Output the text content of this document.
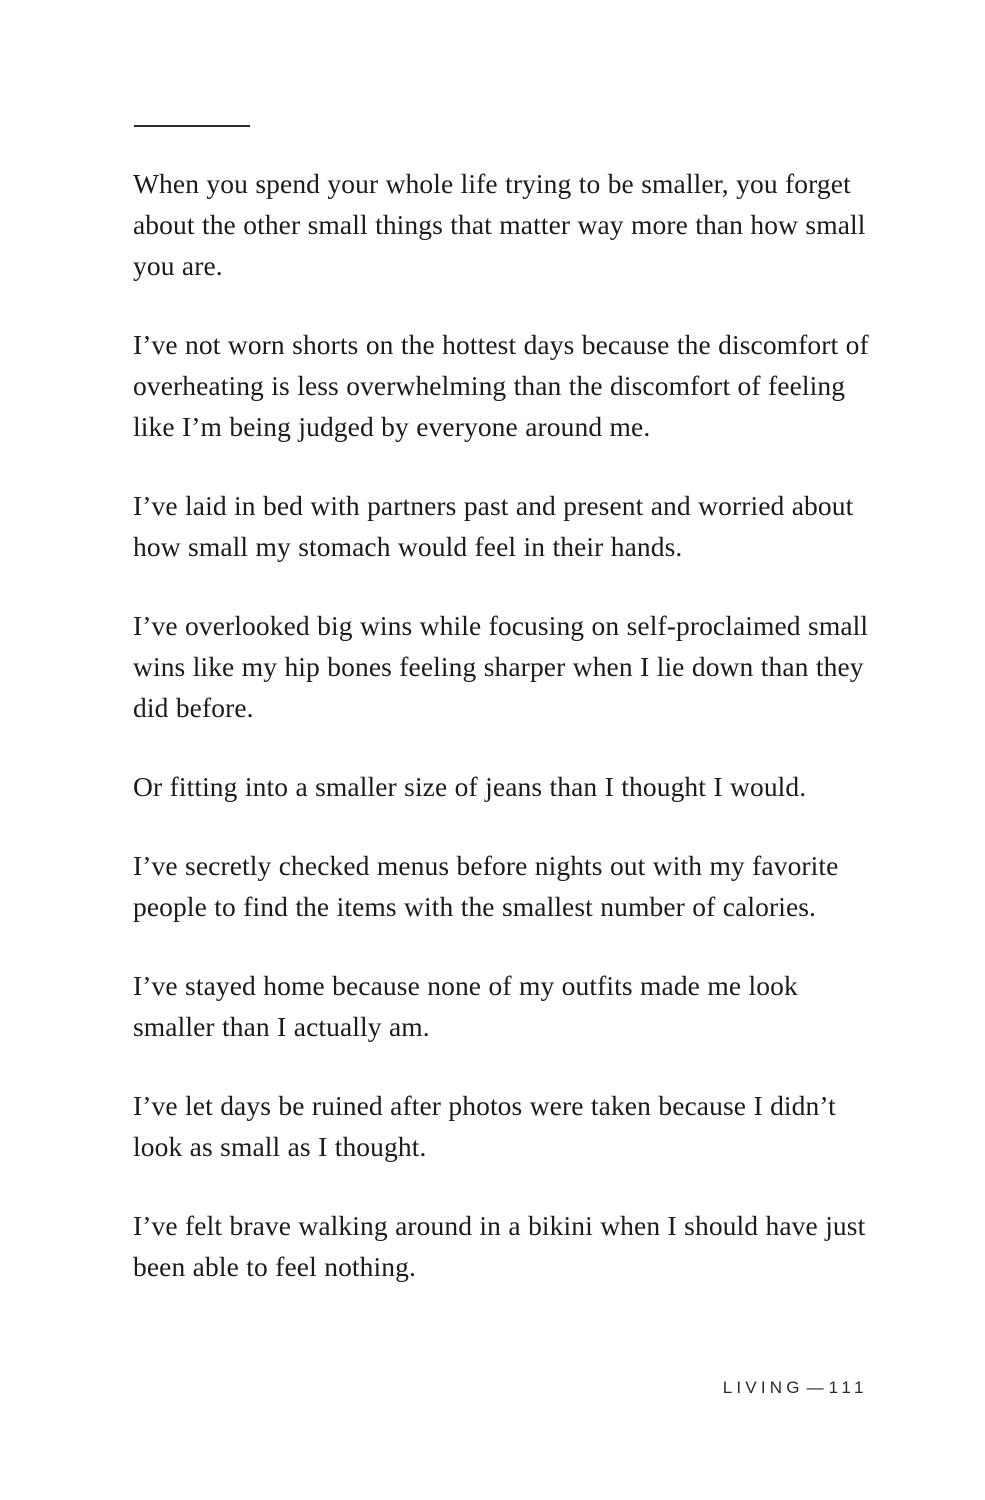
When you spend your whole life trying to be smaller, you forget about the other small things that matter way more than how small you are.

I’ve not worn shorts on the hottest days because the discomfort of overheating is less overwhelming than the discomfort of feeling like I’m being judged by everyone around me.

I’ve laid in bed with partners past and present and worried about how small my stomach would feel in their hands.

I’ve overlooked big wins while focusing on self-proclaimed small wins like my hip bones feeling sharper when I lie down than they did before.

Or fitting into a smaller size of jeans than I thought I would.

I’ve secretly checked menus before nights out with my favorite people to find the items with the smallest number of calories.

I’ve stayed home because none of my outfits made me look smaller than I actually am.

I’ve let days be ruined after photos were taken because I didn’t look as small as I thought.

I’ve felt brave walking around in a bikini when I should have just been able to feel nothing.

LIVING — 111
